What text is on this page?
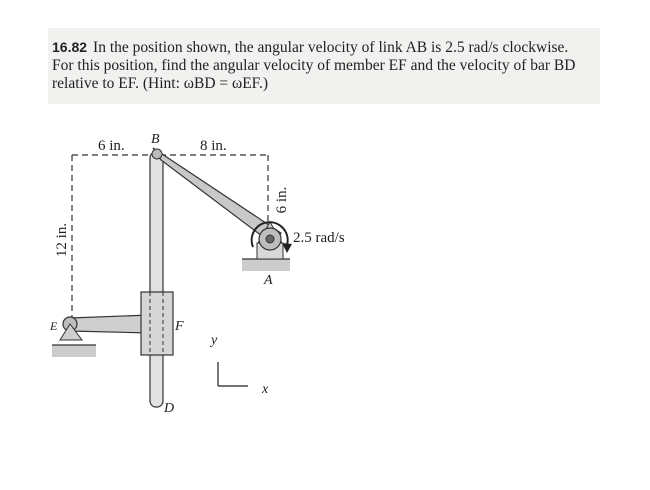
16.82 In the position shown, the angular velocity of link AB is 2.5 rad/s clockwise.
For this position, find the angular velocity of member EF and the velocity of bar BD
relative to EF. (Hint: ωBD = ωEF.)
6 in. B	8 in.
6 in.
12 in.	2.5 rad/s
A
F
D
E
y
x
